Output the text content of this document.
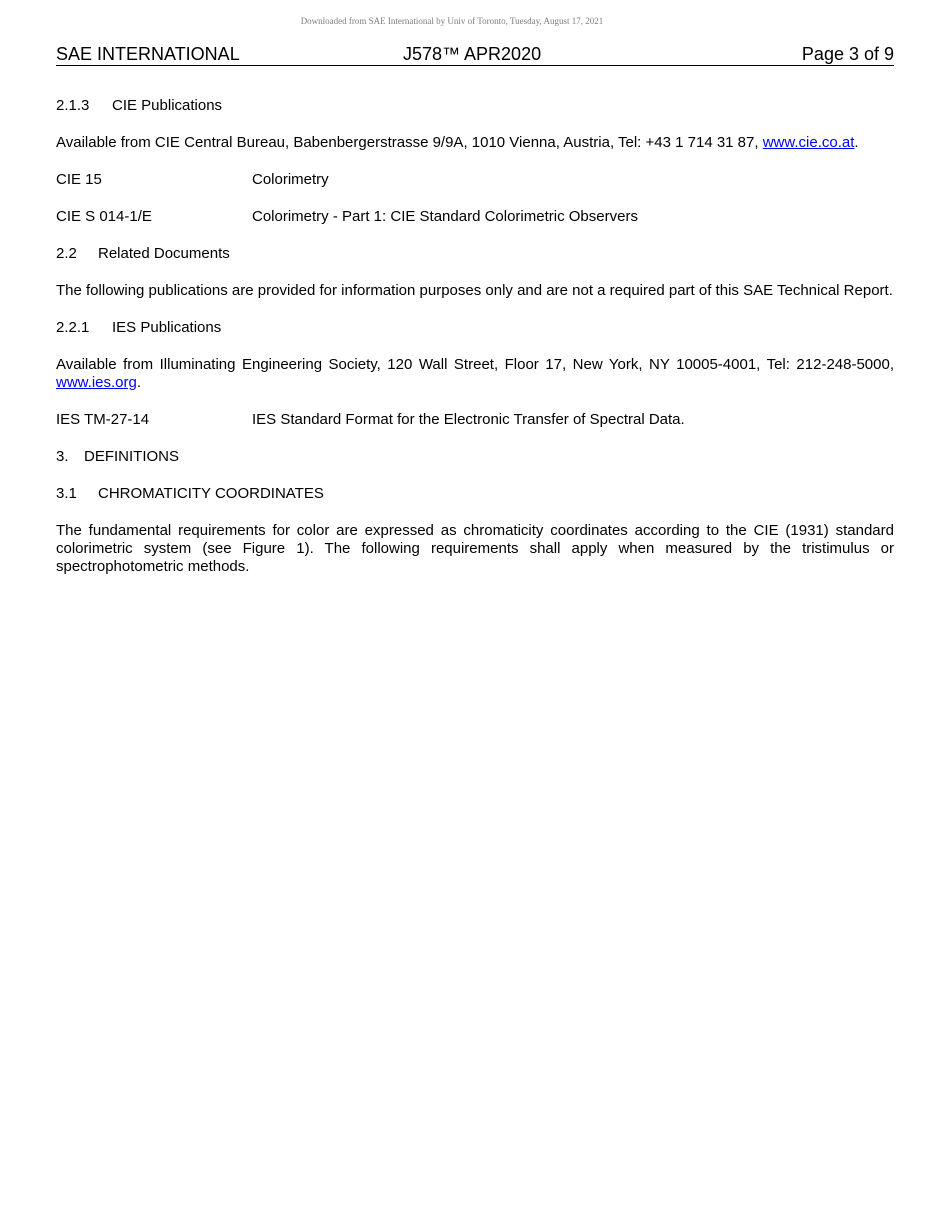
Downloaded from SAE International by Univ of Toronto, Tuesday, August 17, 2021
SAE INTERNATIONAL	J578™ APR2020	Page 3 of 9

2.1.3 CIE Publications

Available from CIE Central Bureau, Babenbergerstrasse 9/9A, 1010 Vienna, Austria, Tel: +43 1 714 31 87, www.cie.co.at.

CIE 15	Colorimetry
CIE S 014-1/E	Colorimetry - Part 1: CIE Standard Colorimetric Observers

2.2 Related Documents

The following publications are provided for information purposes only and are not a required part of this SAE Technical Report.

2.2.1 IES Publications

Available from Illuminating Engineering Society, 120 Wall Street, Floor 17, New York, NY 10005-4001, Tel: 212-248-5000, www.ies.org.

IES TM-27-14	IES Standard Format for the Electronic Transfer of Spectral Data.

3. DEFINITIONS

3.1 CHROMATICITY COORDINATES

The fundamental requirements for color are expressed as chromaticity coordinates according to the CIE (1931) standard colorimetric system (see Figure 1). The following requirements shall apply when measured by the tristimulus or spectrophotometric methods.
